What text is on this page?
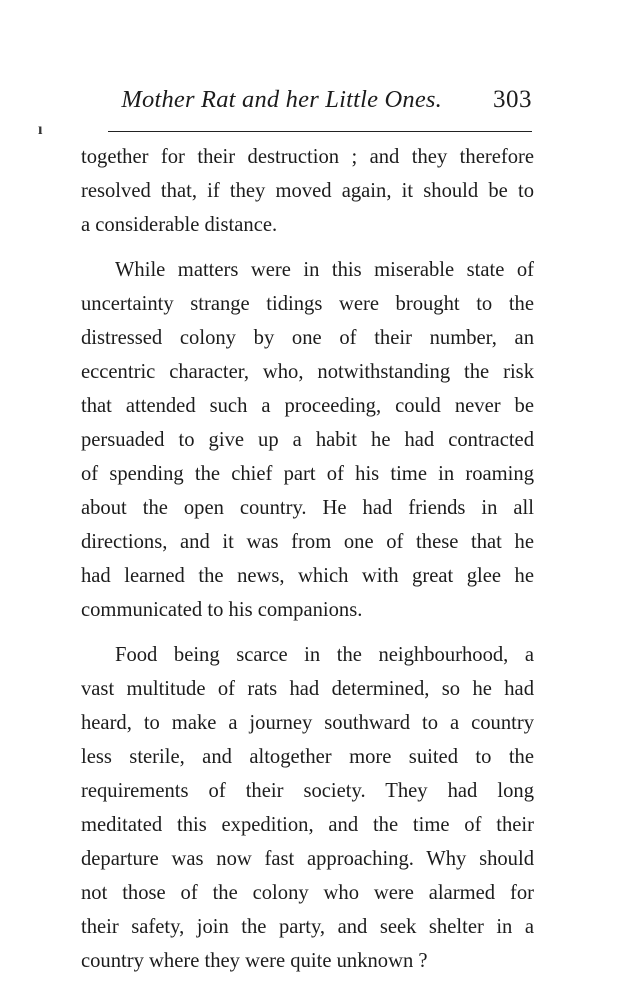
ı
Mother Rat and her Little Ones. 303
together for their destruction ; and they therefore
resolved that, if they moved again, it should be to
a considerable distance.
While matters were in this miserable state of
uncertainty strange tidings were brought to the
distressed colony by one of their number, an
eccentric character, who, notwithstanding the risk
that attended such a proceeding, could never be
persuaded to give up a habit he had contracted
of spending the chief part of his time in roaming
about the open country. He had friends in all
directions, and it was from one of these that he
had learned the news, which with great glee he
communicated to his companions.
Food being scarce in the neighbourhood, a
vast multitude of rats had determined, so he had
heard, to make a journey southward to a country
less sterile, and altogether more suited to the
requirements of their society. They had long
meditated this expedition, and the time of their
departure was now fast approaching. Why should
not those of the colony who were alarmed for
their safety, join the party, and seek shelter in a
country where they were quite unknown ?
